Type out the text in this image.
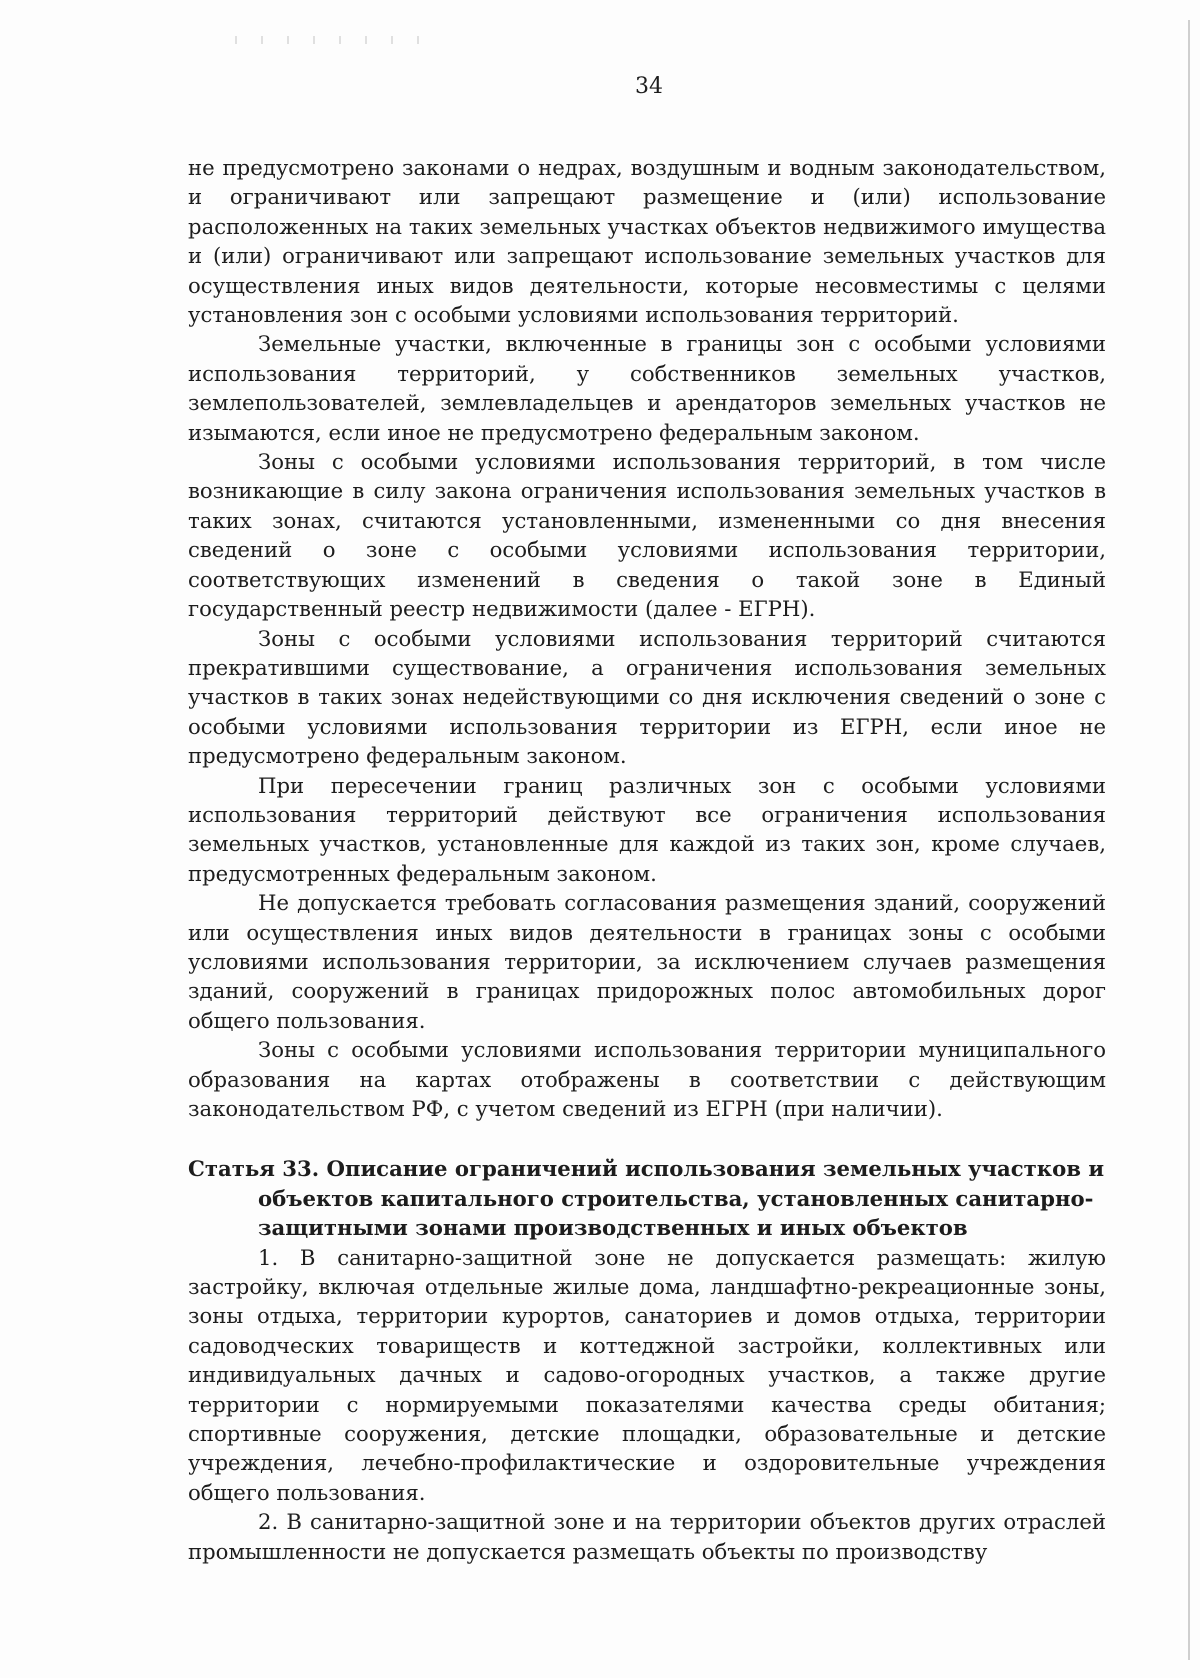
34

не предусмотрено законами о недрах, воздушным и водным законодательством, и ограничивают или запрещают размещение и (или) использование расположенных на таких земельных участках объектов недвижимого имущества и (или) ограничивают или запрещают использование земельных участков для осуществления иных видов деятельности, которые несовместимы с целями установления зон с особыми условиями использования территорий.

Земельные участки, включенные в границы зон с особыми условиями использования территорий, у собственников земельных участков, землепользователей, землевладельцев и арендаторов земельных участков не изымаются, если иное не предусмотрено федеральным законом.

Зоны с особыми условиями использования территорий, в том числе возникающие в силу закона ограничения использования земельных участков в таких зонах, считаются установленными, измененными со дня внесения сведений о зоне с особыми условиями использования территории, соответствующих изменений в сведения о такой зоне в Единый государственный реестр недвижимости (далее - ЕГРН).

Зоны с особыми условиями использования территорий считаются прекратившими существование, а ограничения использования земельных участков в таких зонах недействующими со дня исключения сведений о зоне с особыми условиями использования территории из ЕГРН, если иное не предусмотрено федеральным законом.

При пересечении границ различных зон с особыми условиями использования территорий действуют все ограничения использования земельных участков, установленные для каждой из таких зон, кроме случаев, предусмотренных федеральным законом.

Не допускается требовать согласования размещения зданий, сооружений или осуществления иных видов деятельности в границах зоны с особыми условиями использования территории, за исключением случаев размещения зданий, сооружений в границах придорожных полос автомобильных дорог общего пользования.

Зоны с особыми условиями использования территории муниципального образования на картах отображены в соответствии с действующим законодательством РФ, с учетом сведений из ЕГРН (при наличии).

Статья 33. Описание ограничений использования земельных участков и объектов капитального строительства, установленных санитарно-защитными зонами производственных и иных объектов

1. В санитарно-защитной зоне не допускается размещать: жилую застройку, включая отдельные жилые дома, ландшафтно-рекреационные зоны, зоны отдыха, территории курортов, санаториев и домов отдыха, территории садоводческих товариществ и коттеджной застройки, коллективных или индивидуальных дачных и садово-огородных участков, а также другие территории с нормируемыми показателями качества среды обитания; спортивные сооружения, детские площадки, образовательные и детские учреждения, лечебно-профилактические и оздоровительные учреждения общего пользования.

2. В санитарно-защитной зоне и на территории объектов других отраслей промышленности не допускается размещать объекты по производству
